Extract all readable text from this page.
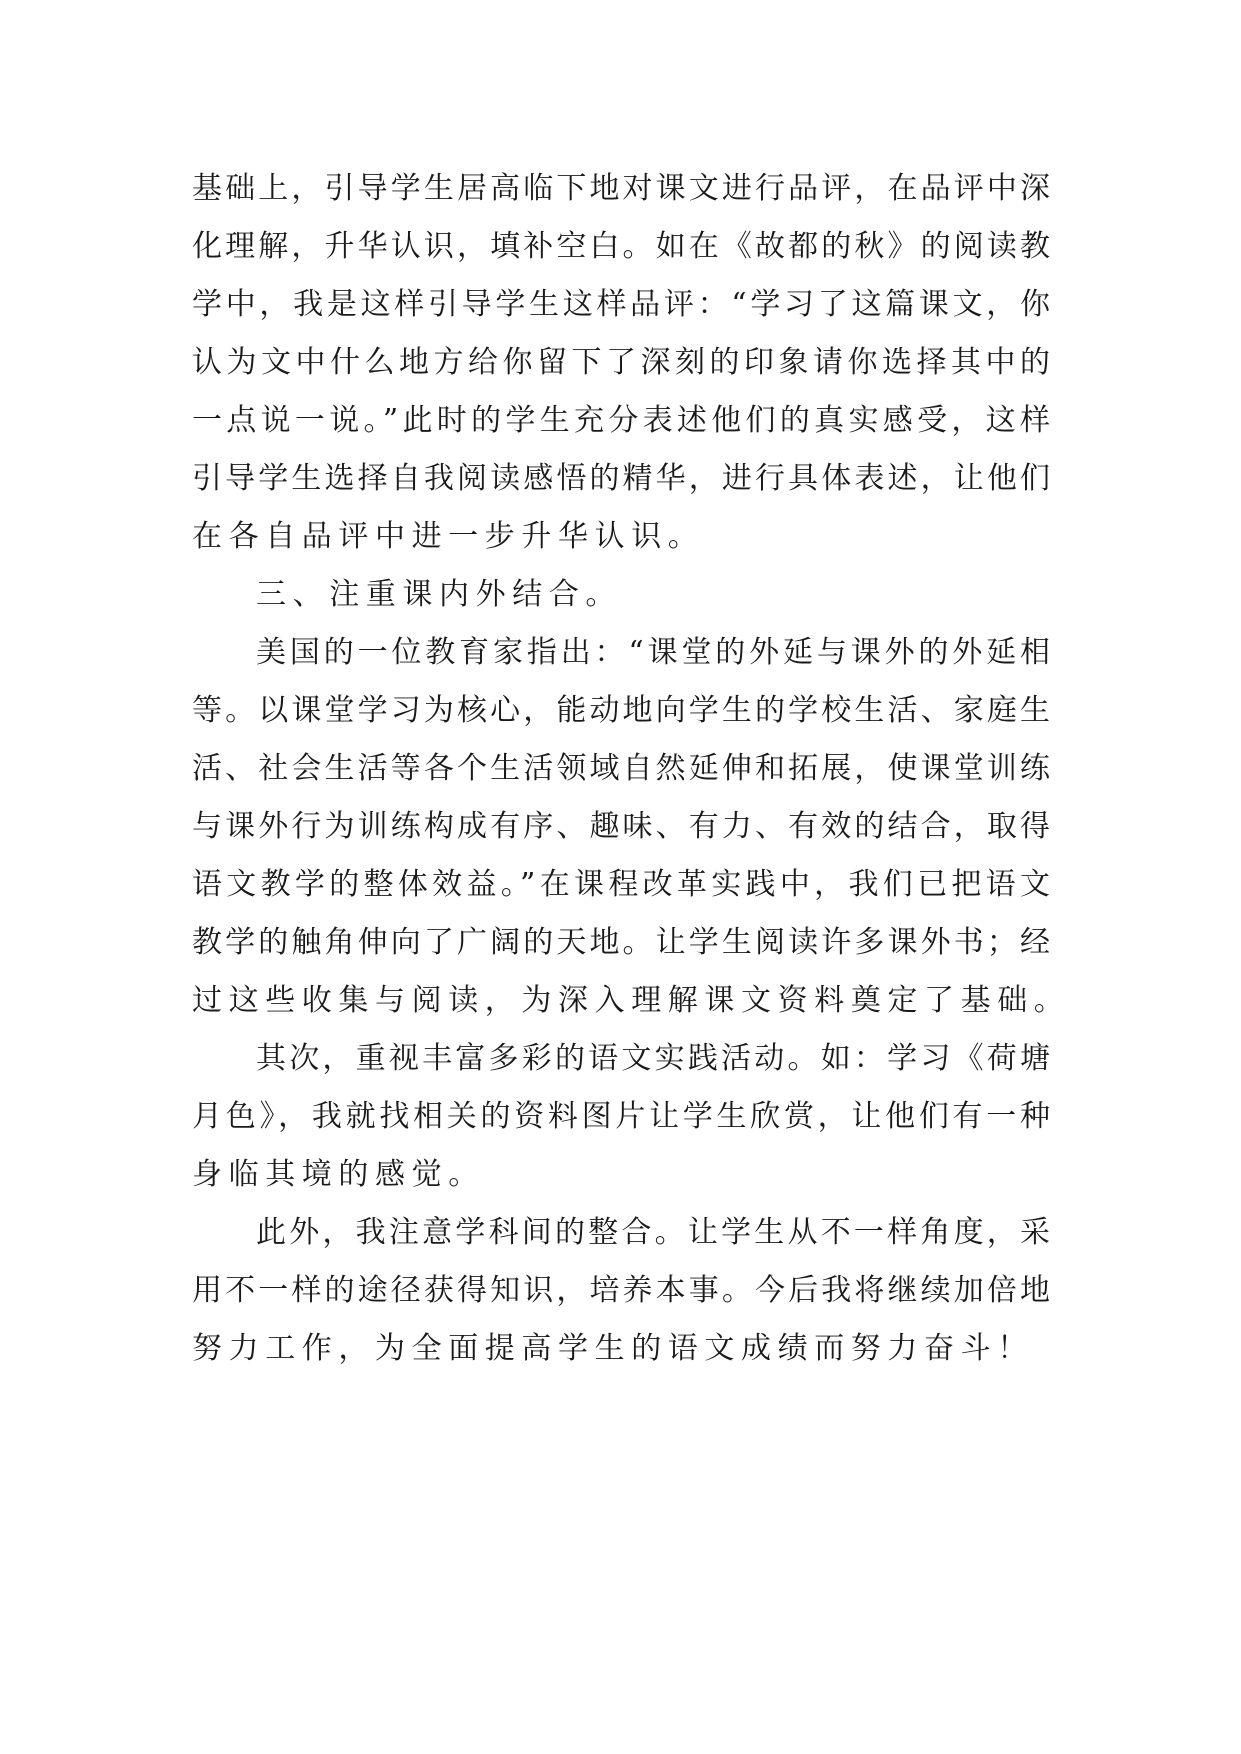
基础上，引导学生居高临下地对课文进行品评，在品评中深
化理解，升华认识，填补空白。如在《故都的秋》的阅读教
学中，我是这样引导学生这样品评：“学习了这篇课文，你
认为文中什么地方给你留下了深刻的印象请你选择其中的
一点说一说。”此时的学生充分表述他们的真实感受，这样
引导学生选择自我阅读感悟的精华，进行具体表述，让他们
在各自品评中进一步升华认识。
三、注重课内外结合。
美国的一位教育家指出：“课堂的外延与课外的外延相
等。以课堂学习为核心，能动地向学生的学校生活、家庭生
活、社会生活等各个生活领域自然延伸和拓展，使课堂训练
与课外行为训练构成有序、趣味、有力、有效的结合，取得
语文教学的整体效益。”在课程改革实践中，我们已把语文
教学的触角伸向了广阔的天地。让学生阅读许多课外书；经
过这些收集与阅读，为深入理解课文资料奠定了基础。
其次，重视丰富多彩的语文实践活动。如：学习《荷塘
月色》，我就找相关的资料图片让学生欣赏，让他们有一种
身临其境的感觉。
此外，我注意学科间的整合。让学生从不一样角度，采
用不一样的途径获得知识，培养本事。今后我将继续加倍地
努力工作，为全面提高学生的语文成绩而努力奋斗！
